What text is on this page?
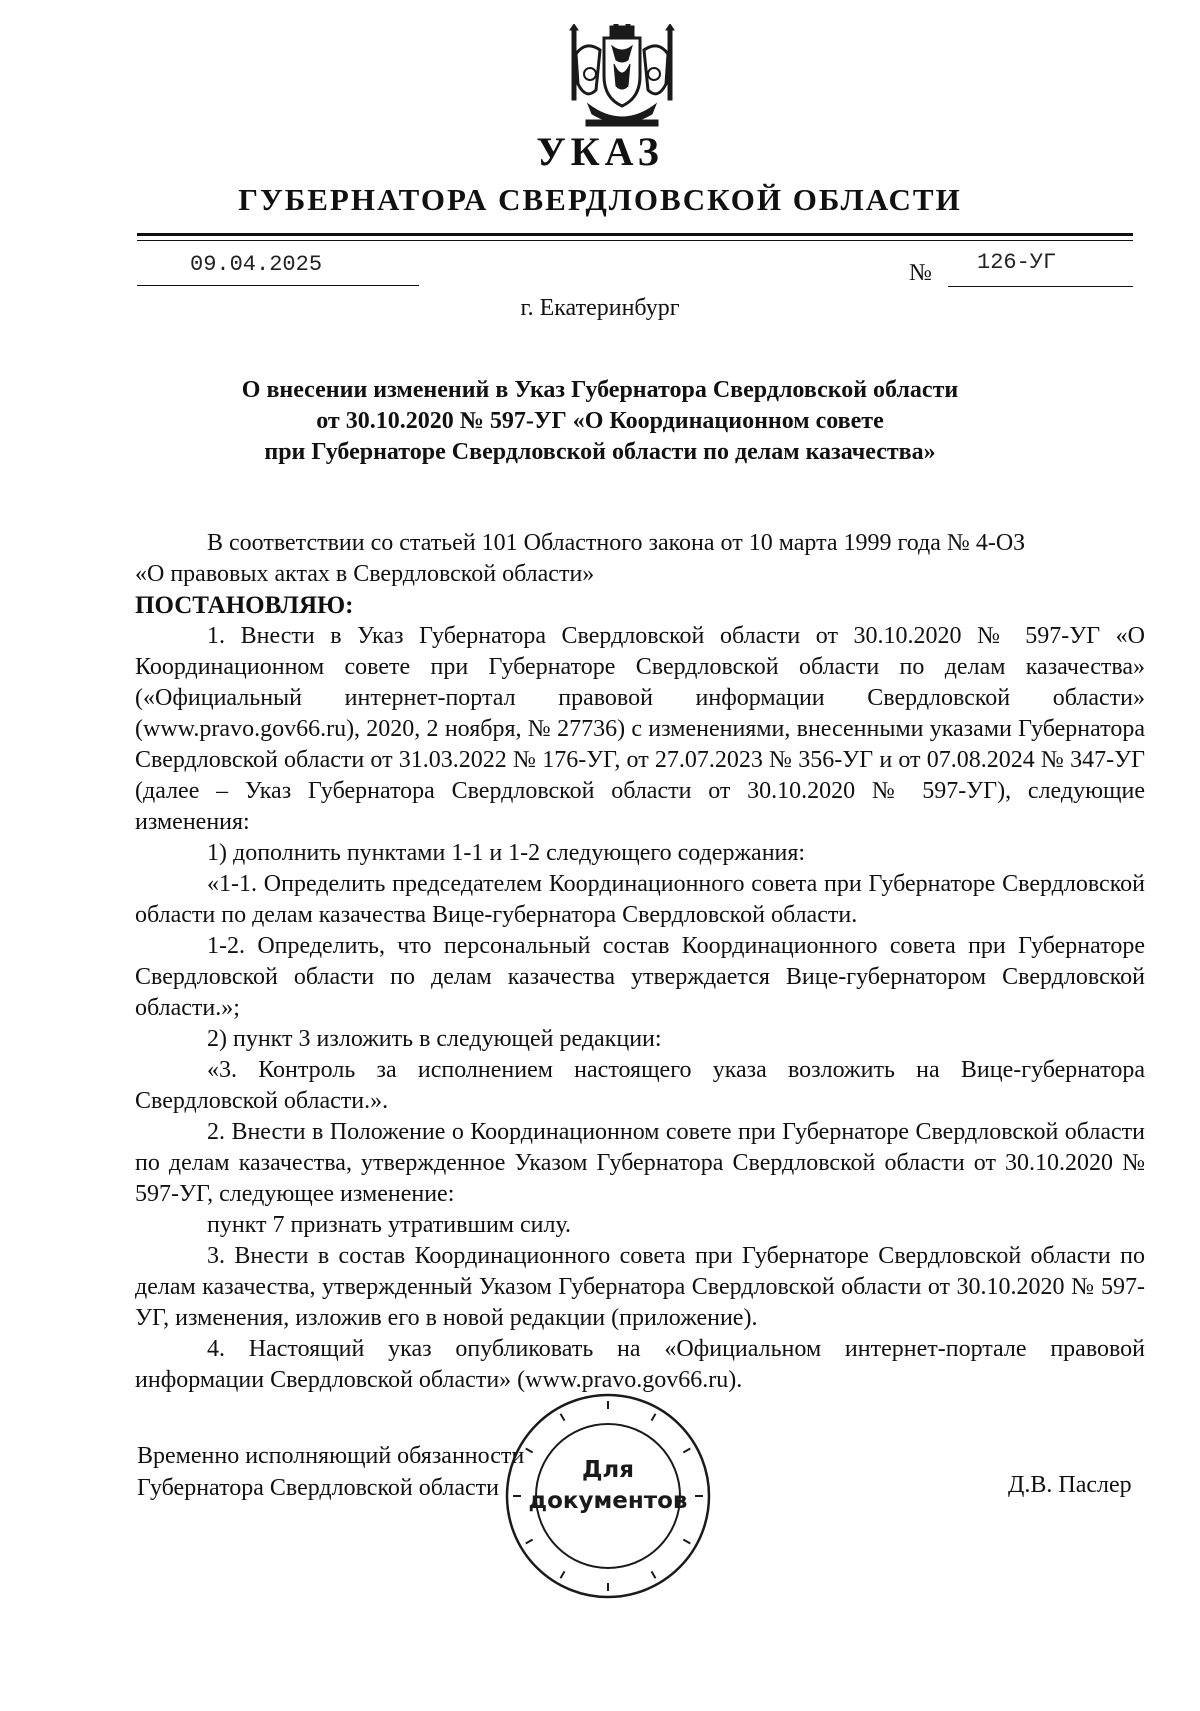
УКАЗ
ГУБЕРНАТОРА СВЕРДЛОВСКОЙ ОБЛАСТИ
09.04.2025	№ 126-УГ
г. Екатеринбург
О внесении изменений в Указ Губернатора Свердловской области
от 30.10.2020 № 597-УГ «О Координационном совете
при Губернаторе Свердловской области по делам казачества»

В соответствии со статьей 101 Областного закона от 10 марта 1999 года № 4-ОЗ

«О правовых актах в Свердловской области»

ПОСТАНОВЛЯЮ:

1. Внести в Указ Губернатора Свердловской области от 30.10.2020 № 597-УГ «О Координационном совете при Губернаторе Свердловской области по делам казачества» («Официальный интернет-портал правовой информации Свердловской области» (www.pravo.gov66.ru), 2020, 2 ноября, № 27736) с изменениями, внесенными указами Губернатора Свердловской области от 31.03.2022 № 176-УГ, от 27.07.2023 № 356-УГ и от 07.08.2024 № 347-УГ (далее – Указ Губернатора Свердловской области от 30.10.2020 № 597-УГ), следующие изменения:

1) дополнить пунктами 1-1 и 1-2 следующего содержания:

«1-1. Определить председателем Координационного совета при Губернаторе Свердловской области по делам казачества Вице-губернатора Свердловской области.

1-2. Определить, что персональный состав Координационного совета при Губернаторе Свердловской области по делам казачества утверждается Вице-губернатором Свердловской области.»;

2) пункт 3 изложить в следующей редакции:

«3. Контроль за исполнением настоящего указа возложить на Вице-губернатора Свердловской области.».

2. Внести в Положение о Координационном совете при Губернаторе Свердловской области по делам казачества, утвержденное Указом Губернатора Свердловской области от 30.10.2020 № 597-УГ, следующее изменение:

пункт 7 признать утратившим силу.

3. Внести в состав Координационного совета при Губернаторе Свердловской области по делам казачества, утвержденный Указом Губернатора Свердловской области от 30.10.2020 № 597-УГ, изменения, изложив его в новой редакции (приложение).

4. Настоящий указ опубликовать на «Официальном интернет-портале правовой информации Свердловской области» (www.pravo.gov66.ru).

Временно исполняющий обязанности
Губернатора Свердловской области	Д.В. Паслер
Для
документов
